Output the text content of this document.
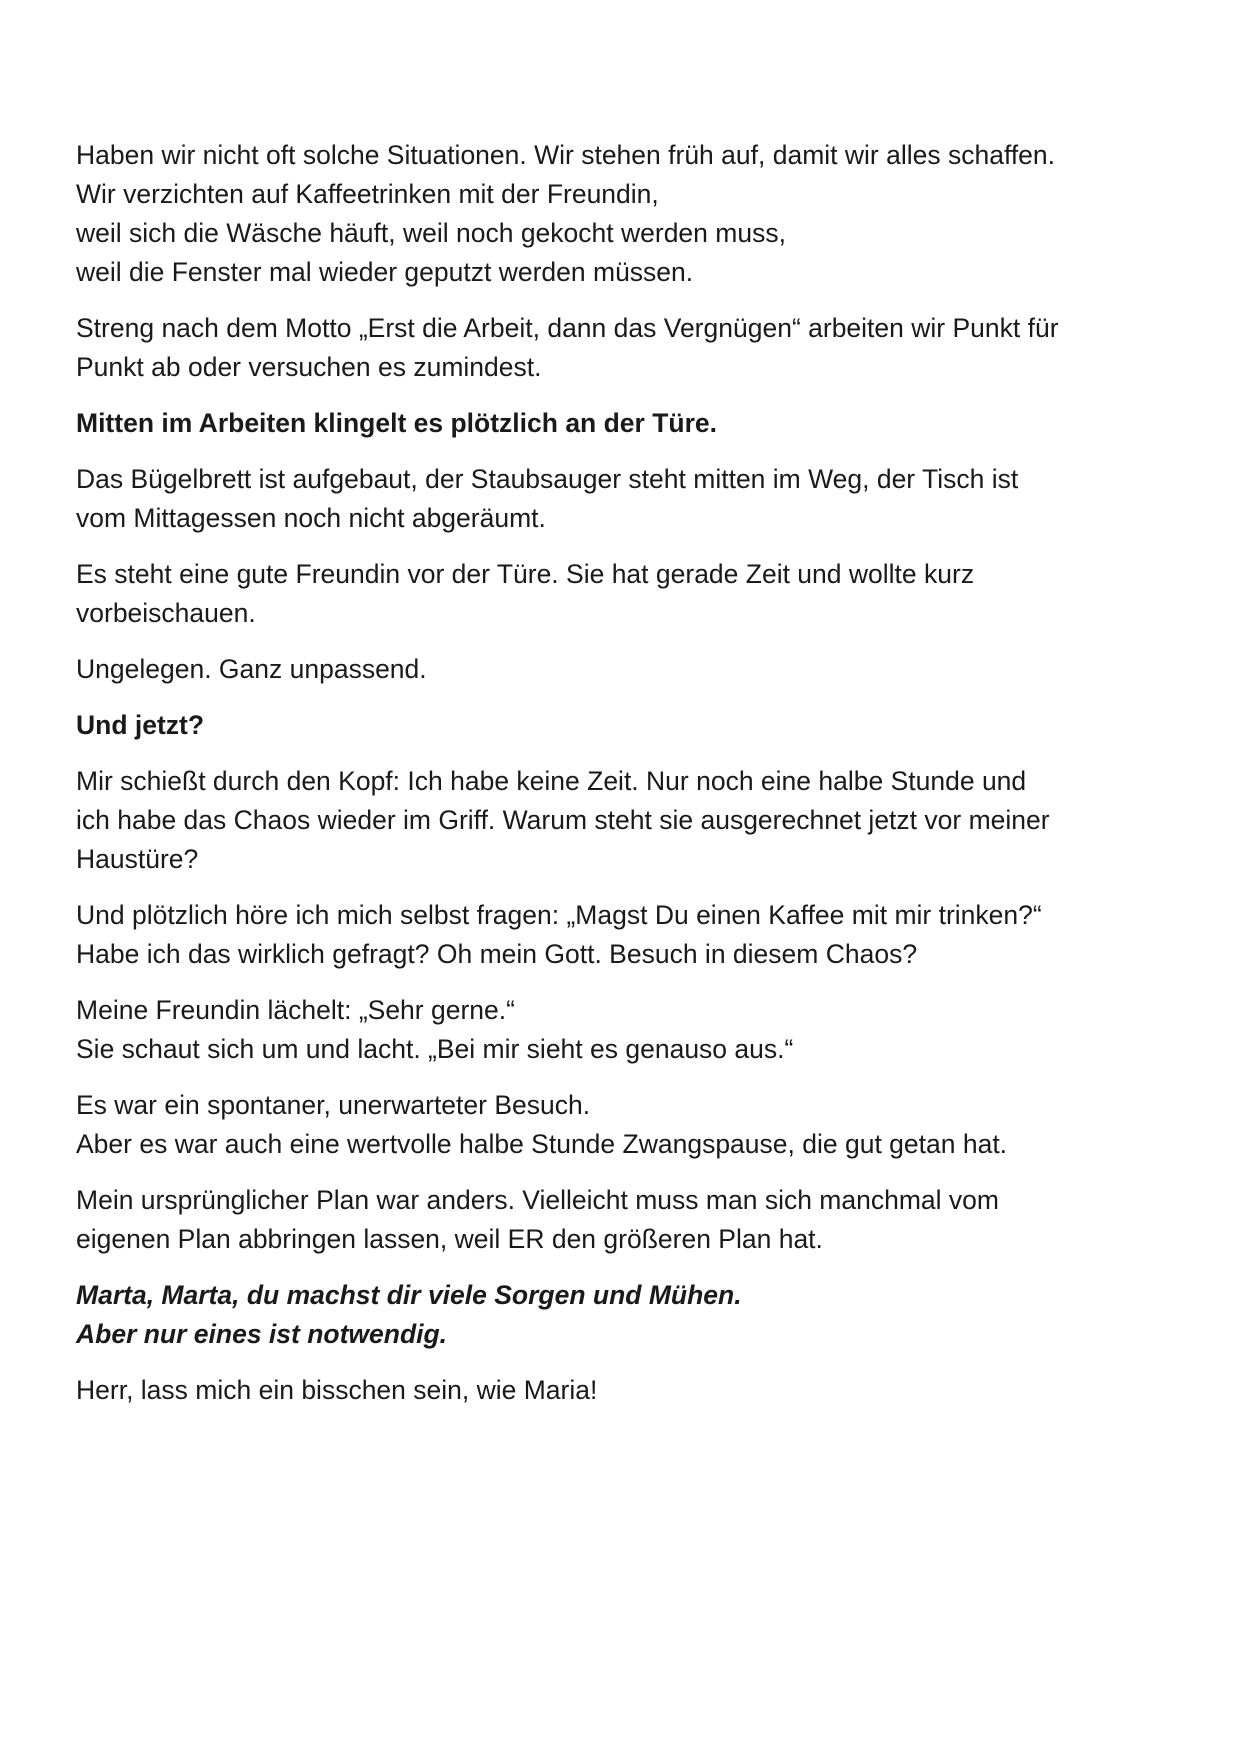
Haben wir nicht oft solche Situationen. Wir stehen früh auf, damit wir alles schaffen.
Wir verzichten auf Kaffeetrinken mit der Freundin,
weil sich die Wäsche häuft, weil noch gekocht werden muss,
weil die Fenster mal wieder geputzt werden müssen.

Streng nach dem Motto „Erst die Arbeit, dann das Vergnügen“ arbeiten wir Punkt für
Punkt ab oder versuchen es zumindest.

Mitten im Arbeiten klingelt es plötzlich an der Türe.

Das Bügelbrett ist aufgebaut, der Staubsauger steht mitten im Weg, der Tisch ist
vom Mittagessen noch nicht abgeräumt.

Es steht eine gute Freundin vor der Türe. Sie hat gerade Zeit und wollte kurz
vorbeischauen.

Ungelegen. Ganz unpassend.

Und jetzt?

Mir schießt durch den Kopf: Ich habe keine Zeit. Nur noch eine halbe Stunde und
ich habe das Chaos wieder im Griff. Warum steht sie ausgerechnet jetzt vor meiner
Haustüre?

Und plötzlich höre ich mich selbst fragen: „Magst Du einen Kaffee mit mir trinken?“
Habe ich das wirklich gefragt? Oh mein Gott. Besuch in diesem Chaos?

Meine Freundin lächelt: „Sehr gerne.“
Sie schaut sich um und lacht. „Bei mir sieht es genauso aus.“

Es war ein spontaner, unerwarteter Besuch.
Aber es war auch eine wertvolle halbe Stunde Zwangspause, die gut getan hat.

Mein ursprünglicher Plan war anders. Vielleicht muss man sich manchmal vom
eigenen Plan abbringen lassen, weil ER den größeren Plan hat.

Marta, Marta, du machst dir viele Sorgen und Mühen.
Aber nur eines ist notwendig.

Herr, lass mich ein bisschen sein, wie Maria!
